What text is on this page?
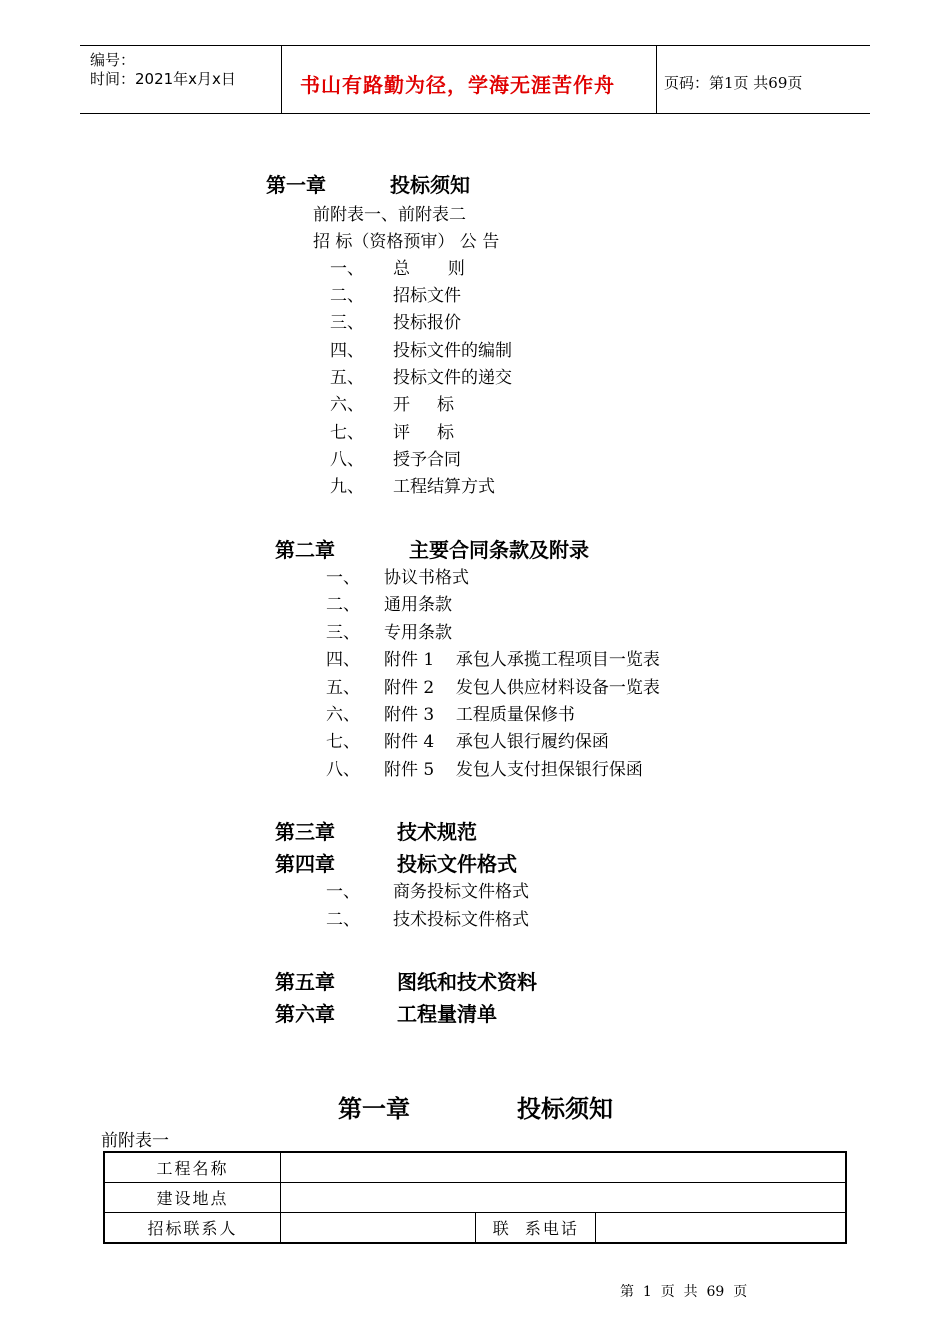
编号：
时间：2021年x月x日	书山有路勤为径，学海无涯苦作舟	页码：第1页 共69页
第一章	投标须知
前附表一、前附表二
招 标（资格预审） 公 告
一、 总       则
二、 招标文件
三、 投标报价
四、 投标文件的编制
五、 投标文件的递交
六、 开     标
七、 评     标
八、 授予合同
九、 工程结算方式
第二章	主要合同条款及附录
一、 协议书格式
二、 通用条款
三、 专用条款
四、 附件 1    承包人承揽工程项目一览表
五、 附件 2    发包人供应材料设备一览表
六、 附件 3    工程质量保修书
七、 附件 4    承包人银行履约保函
八、 附件 5    发包人支付担保银行保函
第三章	技术规范
第四章	投标文件格式
一、 商务投标文件格式
二、 技术投标文件格式
第五章	图纸和技术资料
第六章	工程量清单
第一章	投标须知
前附表一
工程名称			
建设地点			
招标联系人		联  系电话	
第  1  页  共  69  页
